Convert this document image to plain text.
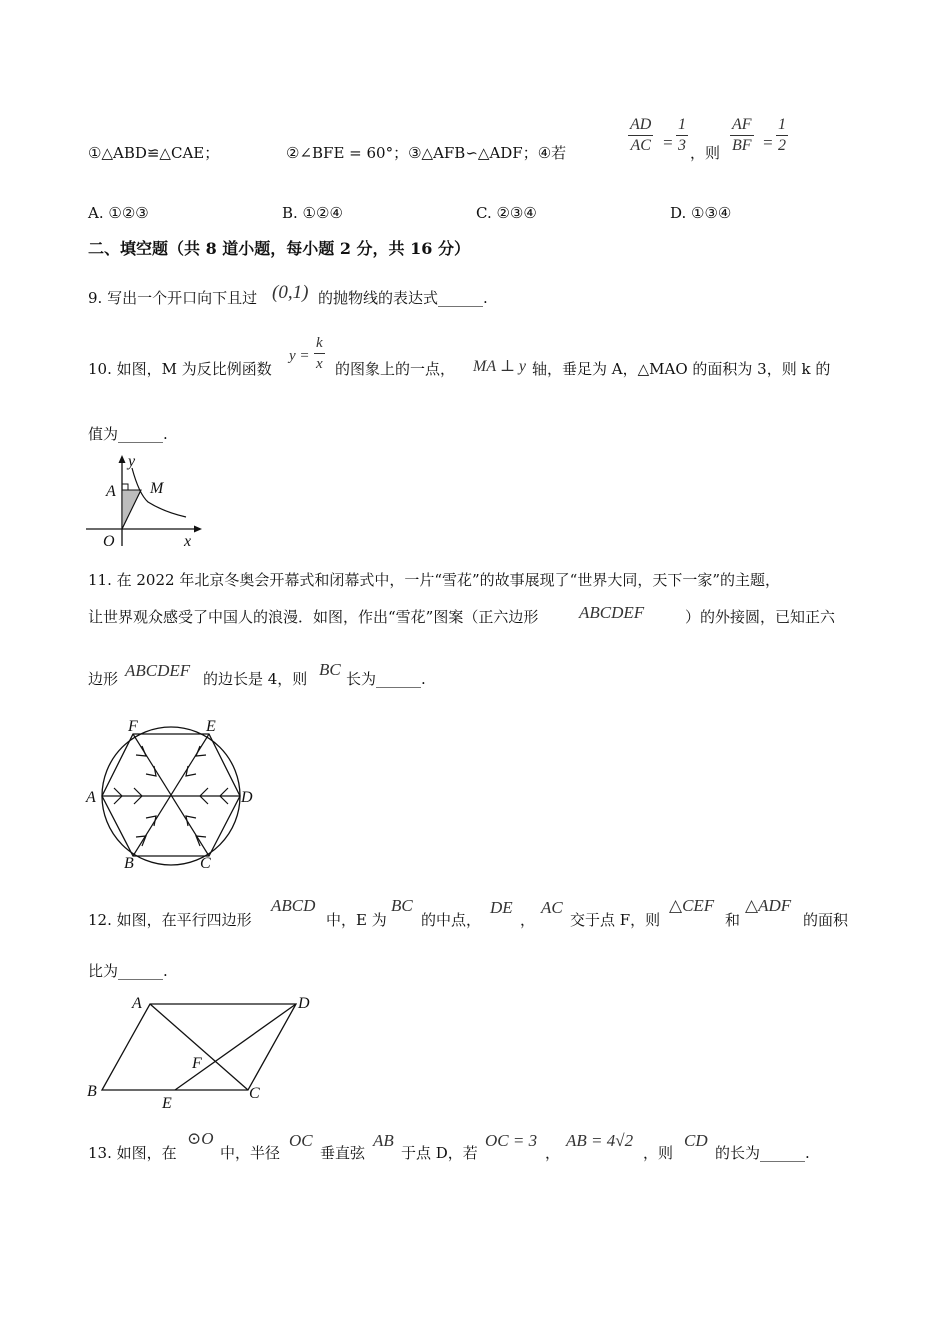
①△ABD≌△CAE；	②∠BFE = 60°；③△AFB∽△ADF；④若	$\frac{AD}{AC} = \frac{1}{3}$ ，则 $\frac{AF}{BF} = \frac{1}{2}$
A. ①②③	B. ①②④	C. ②③④	D. ①③④
二、填空题（共 8 道小题，每小题 2 分，共 16 分）
9. 写出一个开口向下且过 (0,1) 的抛物线的表达式______.
10. 如图，M 为反比例函数
$y = \frac{k}{x}$ 的图象上的一点， MA ⊥ y 轴，垂足为 A，△MAO 的面积为 3，则 k 的
值为______.
y
A M
O	x
11. 在 2022 年北京冬奥会开幕式和闭幕式中，一片“雪花”的故事展现了“世界大同，天下一家”的主题，
让世界观众感受了中国人的浪漫．如图，作出“雪花”图案（正六边形 ABCDEF	）的外接圆，已知正六
边形 ABCDEF 的边长是 4，则 BC 长为______.
F	E
A	D
B	C
12. 如图，在平行四边形
ABCD
中，E 为
BC
的中点，
DE
，
AC
交于点 F，则
△CEF
和
△ADF
的面积
比为______.
A	D
F
B
E
C
13. 如图，在
⊙O
中，半径
OC
垂直弦
AB
于点 D，若
OC = 3
，
AB = 4√2
，则
CD
的长为______.
